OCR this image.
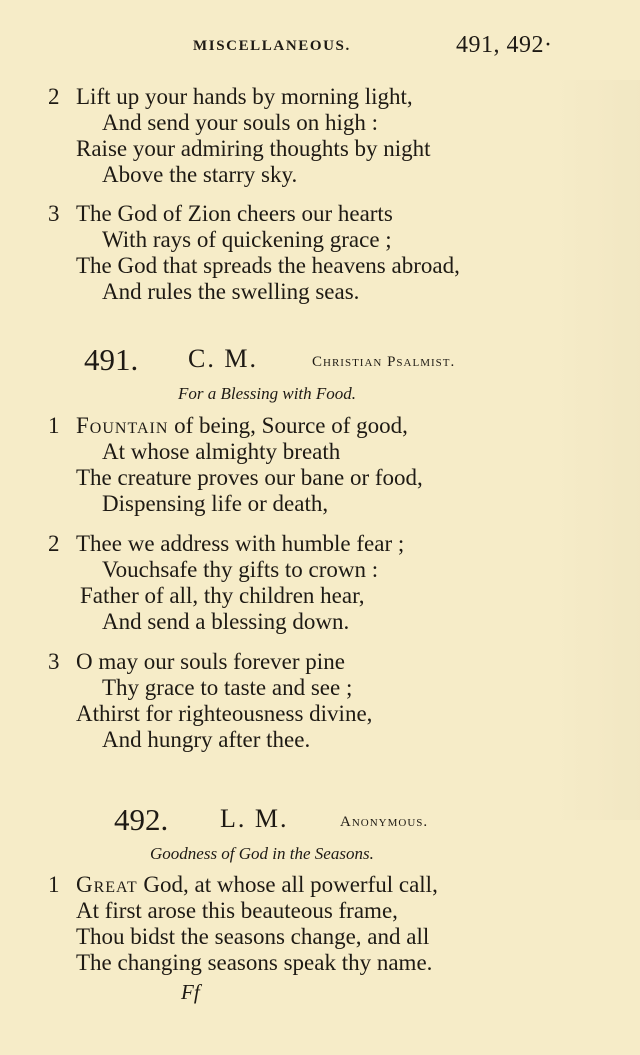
MISCELLANEOUS.	491, 492·
2 Lift up your hands by morning light,
And send your souls on high :
Raise your admiring thoughts by night
Above the starry sky.
3 The God of Zion cheers our hearts
With rays of quickening grace ;
The God that spreads the heavens abroad,
And rules the swelling seas.
491. C. M.	Christian Psalmist.
For a Blessing with Food.
1 Fountain of being, Source of good,
At whose almighty breath
The creature proves our bane or food,
Dispensing life or death,
2 Thee we address with humble fear ;
Vouchsafe thy gifts to crown :
Father of all, thy children hear,
And send a blessing down.
3 O may our souls forever pine
Thy grace to taste and see ;
Athirst for righteousness divine,
And hungry after thee.
492. L. M.	Anonymous.
Goodness of God in the Seasons.
1 Great God, at whose all powerful call,
At first arose this beauteous frame,
Thou bidst the seasons change, and all
The changing seasons speak thy name.
Ff
